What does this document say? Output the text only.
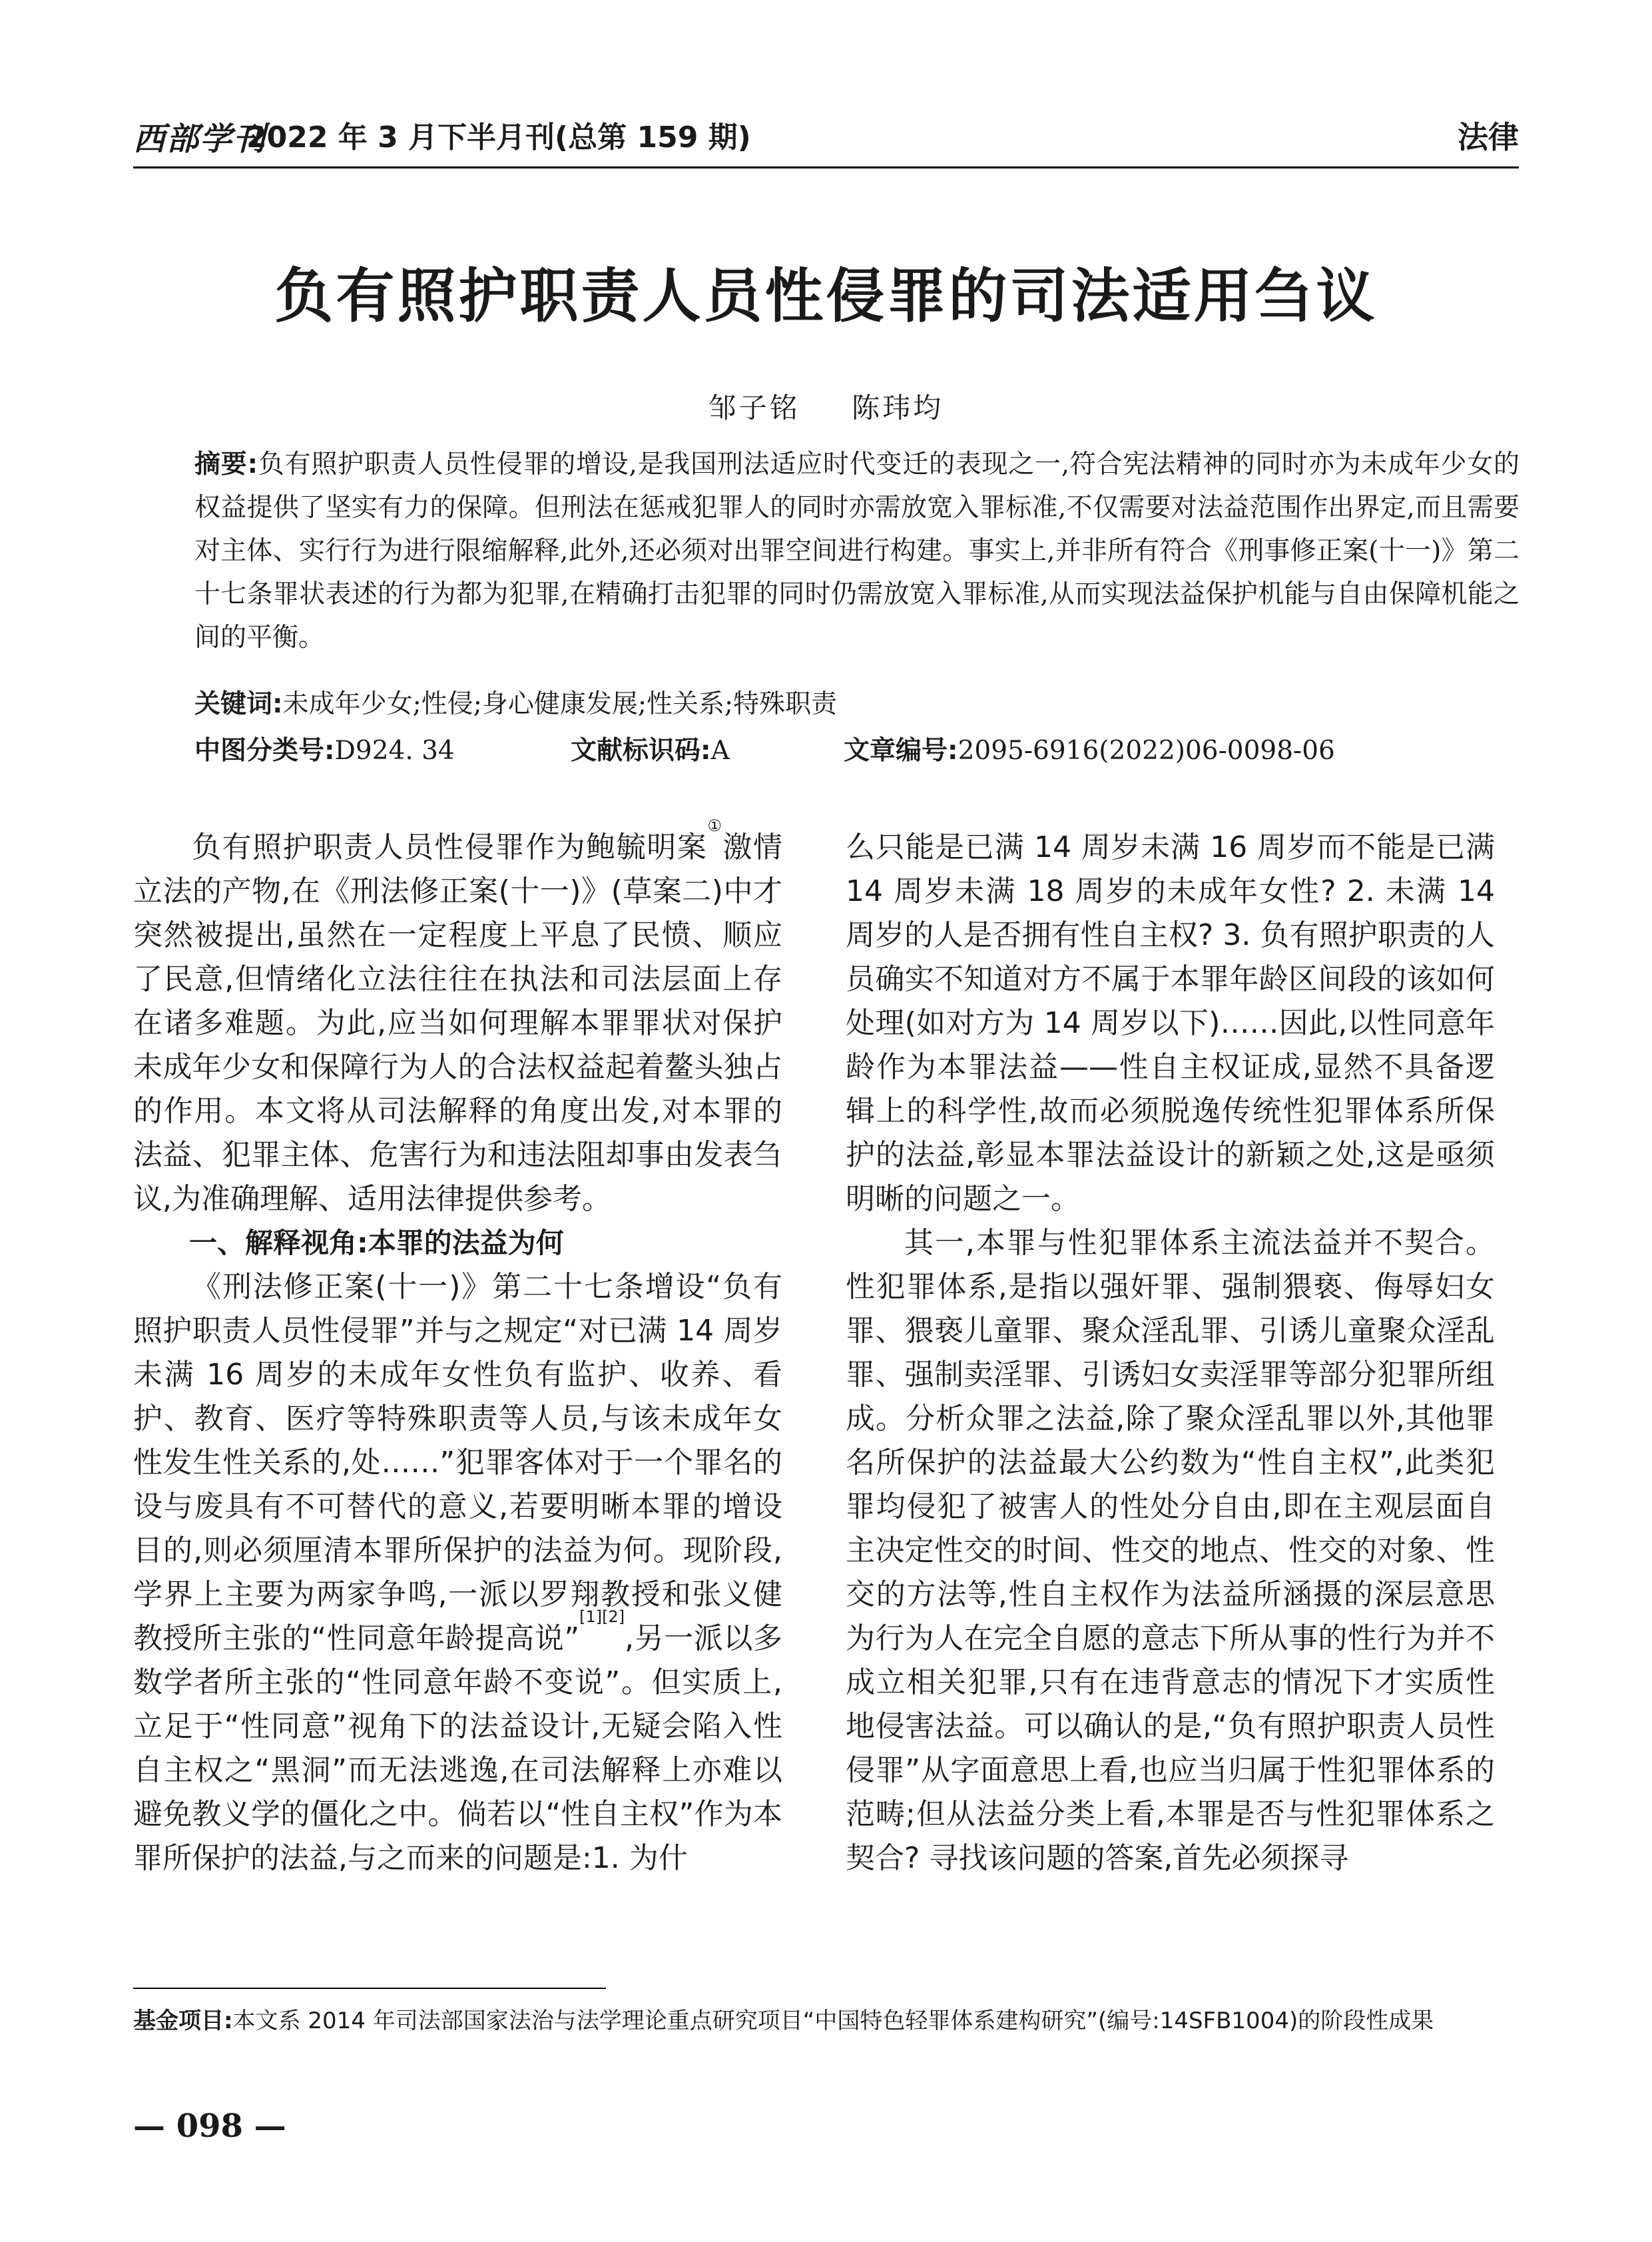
西部学刊
2022 年 3 月下半月刊(总第 159 期)	法律
负有照护职责人员性侵罪的司法适用刍议
邹子铭 陈玮均
摘要:负有照护职责人员性侵罪的增设,是我国刑法适应时代变迁的表现之一,符合宪法精神的同时亦为未成年少女的权益提供了坚实有力的保障。但刑法在惩戒犯罪人的同时亦需放宽入罪标准,不仅需要对法益范围作出界定,而且需要对主体、实行行为进行限缩解释,此外,还必须对出罪空间进行构建。事实上,并非所有符合《刑事修正案(十一)》第二十七条罪状表述的行为都为犯罪,在精确打击犯罪的同时仍需放宽入罪标准,从而实现法益保护机能与自由保障机能之间的平衡。
关键词:未成年少女;性侵;身心健康发展;性关系;特殊职责
中图分类号:D924. 34	文献标识码:A	文章编号:2095-6916(2022)06-0098-06

负有照护职责人员性侵罪作为鲍毓明案①激情立法的产物,在《刑法修正案(十一)》(草案二)中才突然被提出,虽然在一定程度上平息了民愤、顺应了民意,但情绪化立法往往在执法和司法层面上存在诸多难题。为此,应当如何理解本罪罪状对保护未成年少女和保障行为人的合法权益起着鳌头独占的作用。本文将从司法解释的角度出发,对本罪的法益、犯罪主体、危害行为和违法阻却事由发表刍议,为准确理解、适用法律提供参考。

一、解释视角:本罪的法益为何

《刑法修正案(十一)》第二十七条增设“负有照护职责人员性侵罪”并与之规定“对已满 14 周岁未满 16 周岁的未成年女性负有监护、收养、看护、教育、医疗等特殊职责等人员,与该未成年女性发生性关系的,处……”犯罪客体对于一个罪名的设与废具有不可替代的意义,若要明晰本罪的增设目的,则必须厘清本罪所保护的法益为何。现阶段,学界上主要为两家争鸣,一派以罗翔教授和张义健教授所主张的“性同意年龄提高说”[1][2],另一派以多数学者所主张的“性同意年龄不变说”。但实质上,立足于“性同意”视角下的法益设计,无疑会陷入性自主权之“黑洞”而无法逃逸,在司法解释上亦难以避免教义学的僵化之中。倘若以“性自主权”作为本罪所保护的法益,与之而来的问题是:1. 为什

么只能是已满 14 周岁未满 16 周岁而不能是已满 14 周岁未满 18 周岁的未成年女性? 2. 未满 14 周岁的人是否拥有性自主权? 3. 负有照护职责的人员确实不知道对方不属于本罪年龄区间段的该如何处理(如对方为 14 周岁以下)……因此,以性同意年龄作为本罪法益——性自主权证成,显然不具备逻辑上的科学性,故而必须脱逸传统性犯罪体系所保护的法益,彰显本罪法益设计的新颖之处,这是亟须明晰的问题之一。

其一,本罪与性犯罪体系主流法益并不契合。性犯罪体系,是指以强奸罪、强制猥亵、侮辱妇女罪、猥亵儿童罪、聚众淫乱罪、引诱儿童聚众淫乱罪、强制卖淫罪、引诱妇女卖淫罪等部分犯罪所组成。分析众罪之法益,除了聚众淫乱罪以外,其他罪名所保护的法益最大公约数为“性自主权”,此类犯罪均侵犯了被害人的性处分自由,即在主观层面自主决定性交的时间、性交的地点、性交的对象、性交的方法等,性自主权作为法益所涵摄的深层意思为行为人在完全自愿的意志下所从事的性行为并不成立相关犯罪,只有在违背意志的情况下才实质性地侵害法益。可以确认的是,“负有照护职责人员性侵罪”从字面意思上看,也应当归属于性犯罪体系的范畴;但从法益分类上看,本罪是否与性犯罪体系之契合? 寻找该问题的答案,首先必须探寻

基金项目:本文系 2014 年司法部国家法治与法学理论重点研究项目“中国特色轻罪体系建构研究”(编号:14SFB1004)的阶段性成果
— 098 —
